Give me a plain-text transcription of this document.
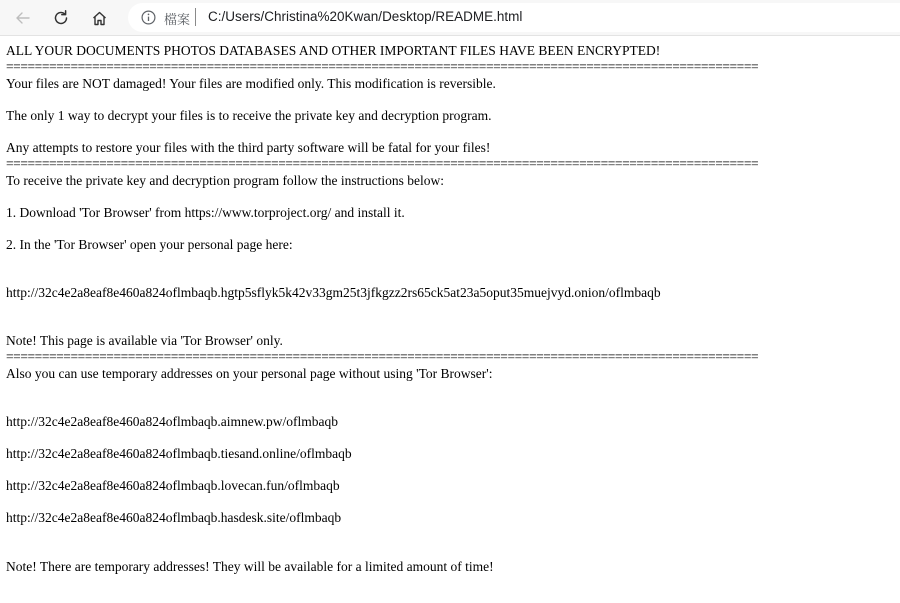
檔案 C:/Users/Christina%20Kwan/Desktop/README.html
ALL YOUR DOCUMENTS PHOTOS DATABASES AND OTHER IMPORTANT FILES HAVE BEEN ENCRYPTED!
=========================================================================================================
Your files are NOT damaged! Your files are modified only. This modification is reversible.
The only 1 way to decrypt your files is to receive the private key and decryption program.
Any attempts to restore your files with the third party software will be fatal for your files!
=========================================================================================================
To receive the private key and decryption program follow the instructions below:
1. Download 'Tor Browser' from https://www.torproject.org/ and install it.
2. In the 'Tor Browser' open your personal page here:
http://32c4e2a8eaf8e460a824oflmbaqb.hgtp5sflyk5k42v33gm25t3jfkgzz2rs65ck5at23a5oput35muejvyd.onion/oflmbaqb
Note! This page is available via 'Tor Browser' only.
=========================================================================================================
Also you can use temporary addresses on your personal page without using 'Tor Browser':
http://32c4e2a8eaf8e460a824oflmbaqb.aimnew.pw/oflmbaqb
http://32c4e2a8eaf8e460a824oflmbaqb.tiesand.online/oflmbaqb
http://32c4e2a8eaf8e460a824oflmbaqb.lovecan.fun/oflmbaqb
http://32c4e2a8eaf8e460a824oflmbaqb.hasdesk.site/oflmbaqb
Note! There are temporary addresses! They will be available for a limited amount of time!
